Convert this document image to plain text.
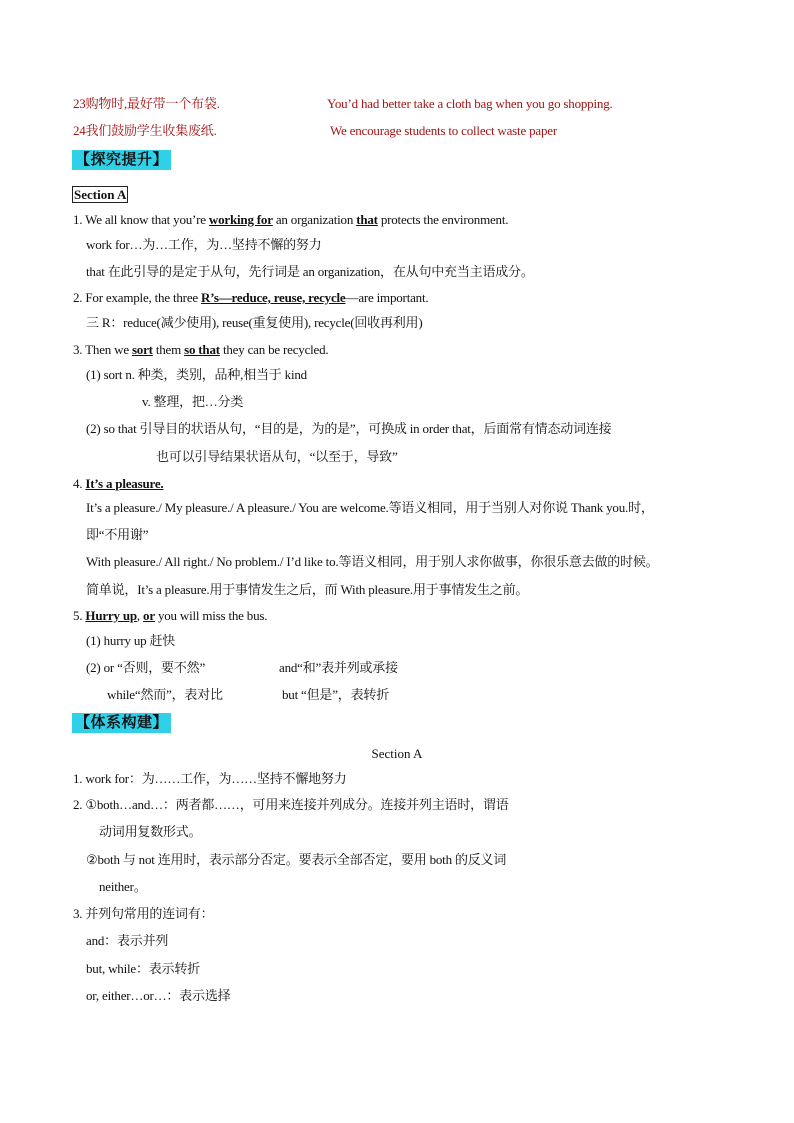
23购物时,最好带一个布袋.	You’d had better take a cloth bag when you go shopping.
24我们鼓励学生收集废纸.	We encourage students to collect waste paper
【探究提升】
Section A
1. We all know that you’re working for an organization that protects the environment.
work for…为…工作，为…坚持不懈的努力
that 在此引导的是定于从句，先行词是 an organization，在从句中充当主语成分。
2. For example, the three R’s—reduce, reuse, recycle—are important.
三 R：reduce(减少使用), reuse(重复使用), recycle(回收再利用)
3. Then we sort them so that they can be recycled.
(1) sort n. 种类，类别，品种,相当于 kind
v. 整理，把…分类
(2) so that 引导目的状语从句，“目的是，为的是”，可换成 in order that，后面常有情态动词连接
也可以引导结果状语从句，“以至于，导致”
4. It’s a pleasure.
It’s a pleasure./ My pleasure./ A pleasure./ You are welcome.等语义相同，用于当别人对你说 Thank you.时，
即“不用谢”
With pleasure./ All right./ No problem./ I’d like to.等语义相同，用于别人求你做事，你很乐意去做的时候。
简单说，It’s a pleasure.用于事情发生之后，而 With pleasure.用于事情发生之前。
5. Hurry up, or you will miss the bus.
(1) hurry up 赶快
(2) or “否则，要不然”	and“和”表并列或承接
while“然而”，表对比	but “但是”，表转折
【体系构建】
Section A
1. work for：为……工作，为……坚持不懈地努力
2. ①both…and…：两者都……，可用来连接并列成分。连接并列主语时，谓语
动词用复数形式。
②both 与 not 连用时，表示部分否定。要表示全部否定，要用 both 的反义词
neither。
3. 并列句常用的连词有：
and：表示并列
but, while：表示转折
or, either…or…：表示选择
